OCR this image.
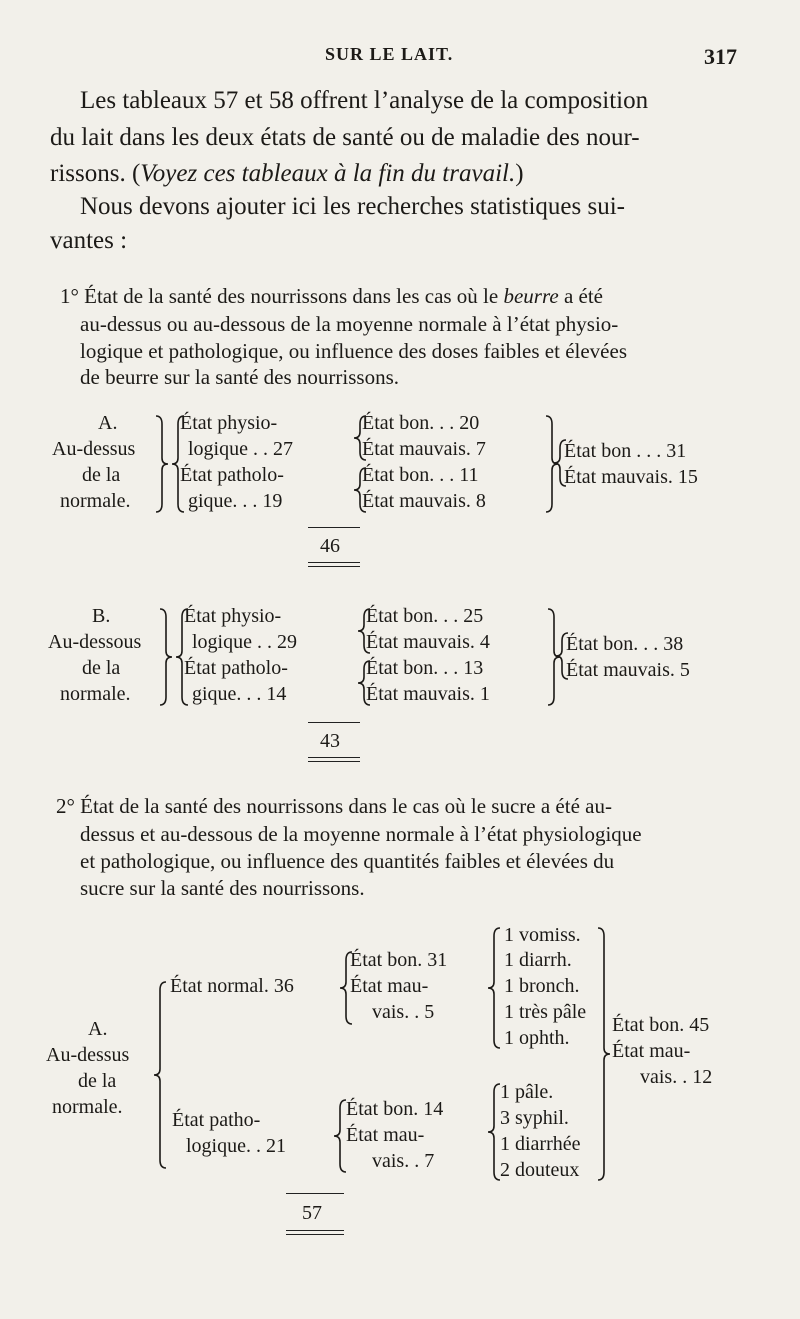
SUR LE LAIT.	317
Les tableaux 57 et 58 offrent l’analyse de la composition
du lait dans les deux états de santé ou de maladie des nour-
rissons. (Voyez ces tableaux à la fin du travail.)
Nous devons ajouter ici les recherches statistiques sui-
vantes :
1° État de la santé des nourrissons dans les cas où le beurre a été
au-dessus ou au-dessous de la moyenne normale à l’état physio-
logique et pathologique, ou influence des doses faibles et élevées
de beurre sur la santé des nourrissons.
A.
Au-dessus
de la
normale.
État physio-
logique . . 27
État patholo-
gique. . . 19
État bon. . . 20
État mauvais. 7
État bon. . . 11
État mauvais. 8
État bon . . . 31
État mauvais. 15
46
B.
Au-dessous
de la
normale.
État physio-
logique . . 29
État patholo-
gique. . . 14
État bon. . . 25
État mauvais. 4
État bon. . . 13
État mauvais. 1
État bon. . . 38
État mauvais. 5
43
2° État de la santé des nourrissons dans le cas où le sucre a été au-
dessus et au-dessous de la moyenne normale à l’état physiologique
et pathologique, ou influence des quantités faibles et élevées du
sucre sur la santé des nourrissons.
A.
Au-dessus
de la
normale.
État normal. 36
État patho-
logique. . 21
État bon. 31
État mau-
vais. . 5
État bon. 14
État mau-
vais. . 7
1 vomiss.
1 diarrh.
1 bronch.
1 très pâle
1 ophth.
1 pâle.
3 syphil.
1 diarrhée
2 douteux
État bon. 45
État mau-
vais. . 12
57
